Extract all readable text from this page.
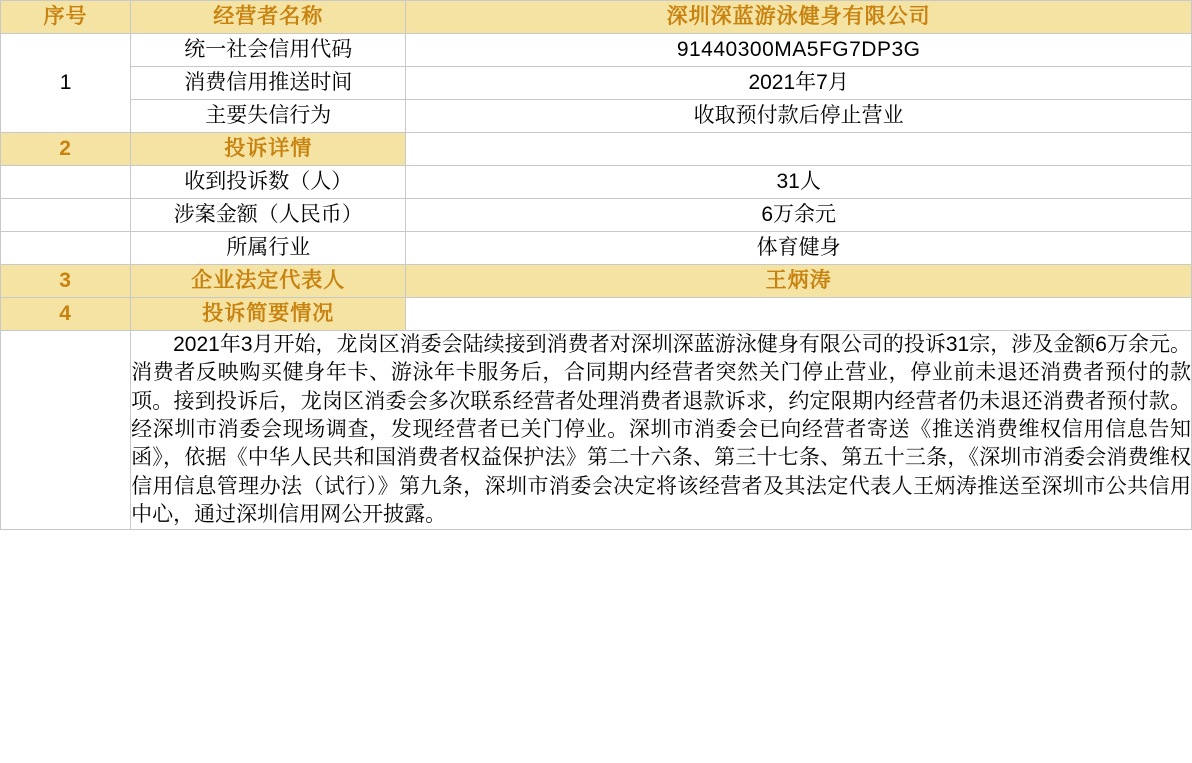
序号	经营者名称	深圳深蓝游泳健身有限公司
1	统一社会信用代码	91440300MA5FG7DP3G
	消费信用推送时间	2021年7月
	主要失信行为	收取预付款后停止营业
2	投诉详情	
	收到投诉数（人）	31人
	涉案金额（人民币）	6万余元
	所属行业	体育健身
3	企业法定代表人	王炳涛
4	投诉简要情况	

	2021年3月开始，龙岗区消委会陆续接到消费者对深圳深蓝游泳健身有限公司的投诉31宗，涉及金额6万余元。消费者反映购买健身年卡、游泳年卡服务后，合同期内经营者突然关门停止营业，停业前未退还消费者预付的款项。接到投诉后，龙岗区消委会多次联系经营者处理消费者退款诉求，约定限期内经营者仍未退还消费者预付款。经深圳市消委会现场调查，发现经营者已关门停业。深圳市消委会已向经营者寄送《推送消费维权信用信息告知函》，依据《中华人民共和国消费者权益保护法》第二十六条、第三十七条、第五十三条，《深圳市消委会消费维权信用信息管理办法（试行）》第九条，深圳市消委会决定将该经营者及其法定代表人王炳涛推送至深圳市公共信用中心，通过深圳信用网公开披露。	
